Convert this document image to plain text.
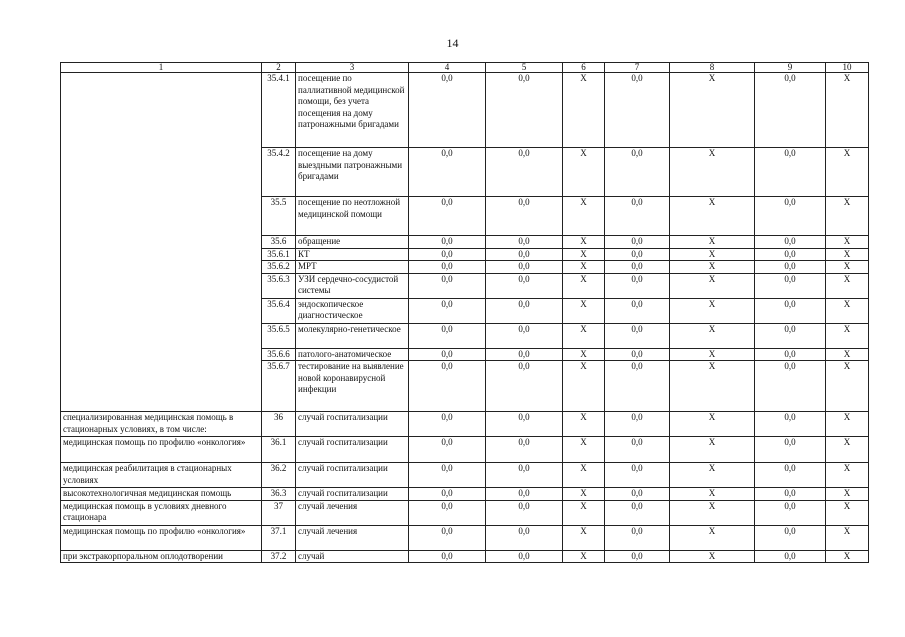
14
1	2	3	4	5	6	7	8	9	10
	35.4.1	посещение по паллиативной медицинской помощи, без учета посещения на дому патронажными бригадами	0,0	0,0	X	0,0	X	0,0	X
	35.4.2	посещение на дому выездными патронажными бригадами	0,0	0,0	X	0,0	X	0,0	X
	35.5	посещение по неотложной медицинской помощи	0,0	0,0	X	0,0	X	0,0	X
	35.6	обращение	0,0	0,0	X	0,0	X	0,0	X
	35.6.1	КТ	0,0	0,0	X	0,0	X	0,0	X
	35.6.2	МРТ	0,0	0,0	X	0,0	X	0,0	X
	35.6.3	УЗИ сердечно-сосудистой системы	0,0	0,0	X	0,0	X	0,0	X
	35.6.4	эндоскопическое диагностическое	0,0	0,0	X	0,0	X	0,0	X
	35.6.5	молекулярно-генетическое	0,0	0,0	X	0,0	X	0,0	X
	35.6.6	патолого-анатомическое	0,0	0,0	X	0,0	X	0,0	X
	35.6.7	тестирование на выявление новой коронавирусной инфекции	0,0	0,0	X	0,0	X	0,0	X
специализированная медицинская помощь в стационарных условиях, в том числе:	36	случай госпитализации	0,0	0,0	X	0,0	X	0,0	X
медицинская помощь по профилю «онкология»	36.1	случай госпитализации	0,0	0,0	X	0,0	X	0,0	X
медицинская реабилитация в стационарных условиях	36.2	случай госпитализации	0,0	0,0	X	0,0	X	0,0	X
высокотехнологичная медицинская помощь	36.3	случай госпитализации	0,0	0,0	X	0,0	X	0,0	X
медицинская помощь в условиях дневного стационара	37	случай лечения	0,0	0,0	X	0,0	X	0,0	X
медицинская помощь по профилю «онкология»	37.1	случай лечения	0,0	0,0	X	0,0	X	0,0	X
при экстракорпоральном оплодотворении	37.2	случай	0,0	0,0	X	0,0	X	0,0	X
